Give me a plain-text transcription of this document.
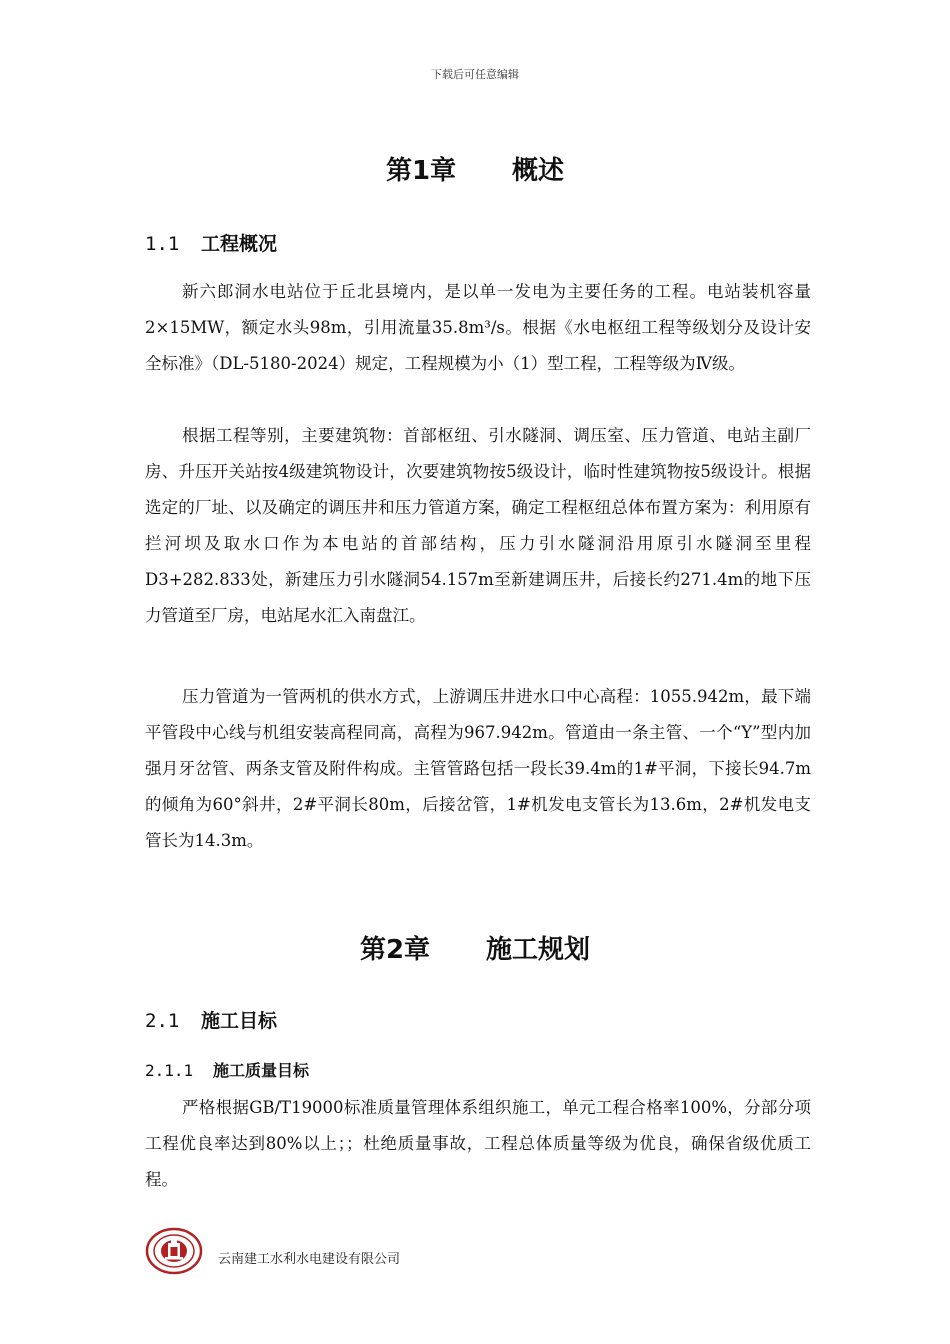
下载后可任意编辑
第1章 概述
1.1 工程概况

新六郎洞水电站位于丘北县境内，是以单一发电为主要任务的工程。电站装机容量2×15MW，额定水头98m，引用流量35.8m³/s。根据《水电枢纽工程等级划分及设计安全标准》（DL-5180-2024）规定，工程规模为小（1）型工程，工程等级为Ⅳ级。

根据工程等别，主要建筑物：首部枢纽、引水隧洞、调压室、压力管道、电站主副厂房、升压开关站按4级建筑物设计，次要建筑物按5级设计，临时性建筑物按5级设计。根据选定的厂址、以及确定的调压井和压力管道方案，确定工程枢纽总体布置方案为：利用原有拦河坝及取水口作为本电站的首部结构，压力引水隧洞沿用原引水隧洞至里程D3+282.833处，新建压力引水隧洞54.157m至新建调压井，后接长约271.4m的地下压力管道至厂房，电站尾水汇入南盘江。

压力管道为一管两机的供水方式，上游调压井进水口中心高程：1055.942m，最下端平管段中心线与机组安装高程同高，高程为967.942m。管道由一条主管、一个“Y”型内加强月牙岔管、两条支管及附件构成。主管管路包括一段长39.4m的1#平洞，下接长94.7m的倾角为60°斜井，2#平洞长80m，后接岔管，1#机发电支管长为13.6m，2#机发电支管长为14.3m。

第2章 施工规划
2.1 施工目标
2.1.1 施工质量目标

严格根据GB/T19000标准质量管理体系组织施工，单元工程合格率100%，分部分项工程优良率达到80%以上；；杜绝质量事故，工程总体质量等级为优良，确保省级优质工程。

云南建工水利水电建设有限公司
